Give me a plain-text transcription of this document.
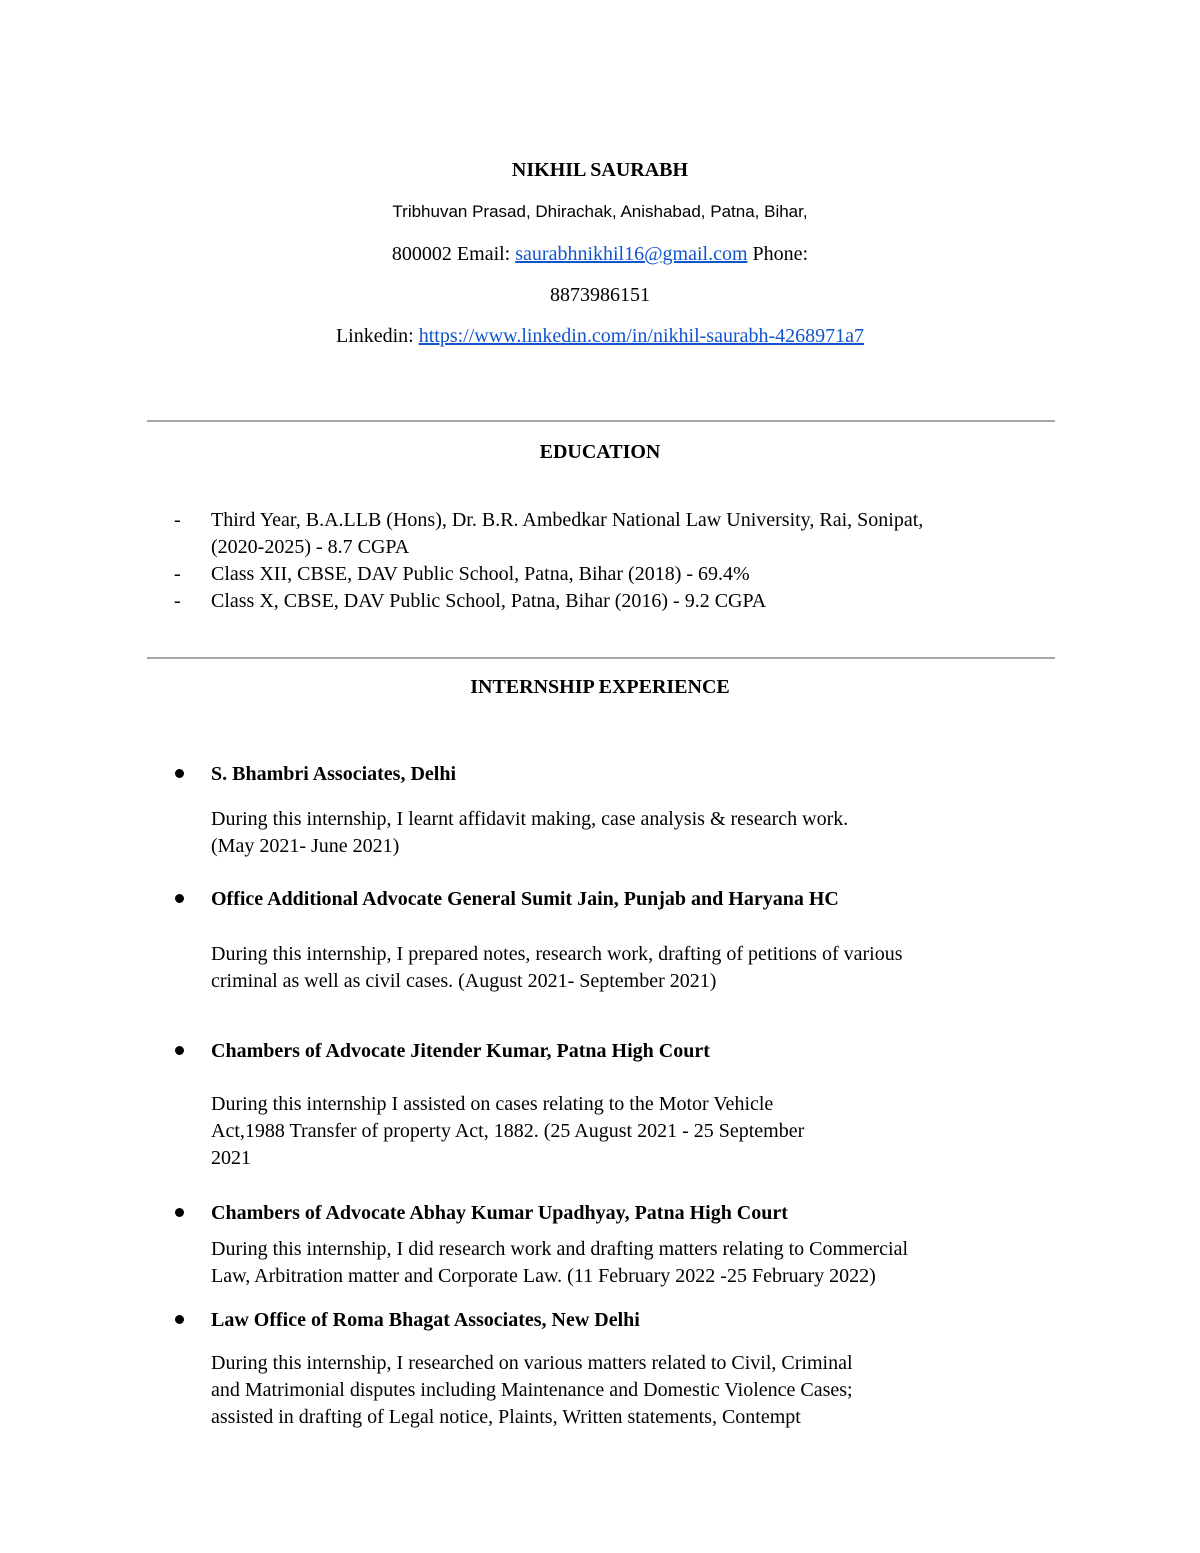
NIKHIL SAURABH
Tribhuvan Prasad, Dhirachak, Anishabad, Patna, Bihar,
800002 Email: saurabhnikhil16@gmail.com Phone:
8873986151
Linkedin: https://www.linkedin.com/in/nikhil-saurabh-4268971a7
EDUCATION
- Third Year, B.A.LLB (Hons), Dr. B.R. Ambedkar National Law University, Rai, Sonipat,
(2020-2025) - 8.7 CGPA
- Class XII, CBSE, DAV Public School, Patna, Bihar (2018) - 69.4%
- Class X, CBSE, DAV Public School, Patna, Bihar (2016) - 9.2 CGPA
INTERNSHIP EXPERIENCE
S. Bhambri Associates, Delhi
During this internship, I learnt affidavit making, case analysis & research work.
(May 2021- June 2021)
Office Additional Advocate General Sumit Jain, Punjab and Haryana HC
During this internship, I prepared notes, research work, drafting of petitions of various
criminal as well as civil cases. (August 2021- September 2021)
Chambers of Advocate Jitender Kumar, Patna High Court
During this internship I assisted on cases relating to the Motor Vehicle
Act,1988 Transfer of property Act, 1882. (25 August 2021 - 25 September
2021
Chambers of Advocate Abhay Kumar Upadhyay, Patna High Court
During this internship, I did research work and drafting matters relating to Commercial
Law, Arbitration matter and Corporate Law. (11 February 2022 -25 February 2022)
Law Office of Roma Bhagat Associates, New Delhi
During this internship, I researched on various matters related to Civil, Criminal
and Matrimonial disputes including Maintenance and Domestic Violence Cases;
assisted in drafting of Legal notice, Plaints, Written statements, Contempt
